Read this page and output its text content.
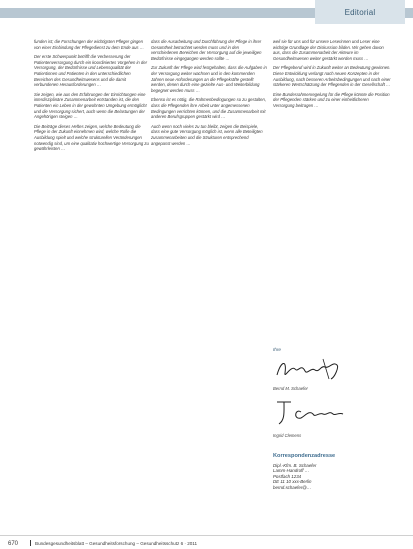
Editorial

funden ist; die Forschungen der wichtigsten Pfleger gingen von einer Einbindung der Pflegedienst zu dem Ende aus …

Der erste Schwerpunkt betrifft die Verbesserung der Patientenversorgung durch ein koordiniertes Vorgehen in der Versorgung, der Bedürfnisse und Lebensqualität der Patientinnen und Patienten in den unterschiedlichen Bereichen des Gesundheitswesens und die damit verbundenen Herausforderungen …

Sie zeigen, wie aus den Erfahrungen der Einrichtungen eine interdisziplinäre Zusammenarbeit entstanden ist, die den Patienten ein Leben in der gewohnten Umgebung ermöglicht und die Versorgung sichert, auch wenn die Belastungen der Angehörigen steigen …

Die Beiträge dieses Heftes zeigen, welche Bedeutung die Pflege in der Zukunft einnehmen wird, welche Rolle die Ausbildung spielt und welche strukturellen Veränderungen notwendig sind, um eine qualitativ hochwertige Versorgung zu gewährleisten …

dass die Ausarbeitung und Durchführung der Pflege in ihrer Gesamtheit betrachtet werden muss und in den verschiedenen Bereichen der Versorgung auf die jeweiligen Bedürfnisse eingegangen werden sollte …

Zur Zukunft der Pflege wird festgehalten, dass die Aufgaben in der Versorgung weiter wachsen und in den kommenden Jahren neue Anforderungen an die Pflegekräfte gestellt werden, denen durch eine gezielte Aus- und Weiterbildung begegnet werden muss …

Ebenso ist es nötig, die Rahmenbedingungen so zu gestalten, dass die Pflegenden ihre Arbeit unter angemessenen Bedingungen verrichten können, und die Zusammenarbeit mit anderen Berufsgruppen gestärkt wird …

Auch wenn noch vieles zu tun bleibt, zeigen die Beispiele, dass eine gute Versorgung möglich ist, wenn alle Beteiligten zusammenarbeiten und die Strukturen entsprechend angepasst werden …

weil sie für uns und für unsere Leserinnen und Leser eine wichtige Grundlage der Diskussion bilden. Wir gehen davon aus, dass die Zusammenarbeit der Akteure im Gesundheitswesen weiter gestärkt werden muss …

Der Pflegeberuf wird in Zukunft weiter an Bedeutung gewinnen. Diese Entwicklung verlangt nach neuen Konzepten in der Ausbildung, nach besseren Arbeitsbedingungen und nach einer stärkeren Wertschätzung der Pflegenden in der Gesellschaft …

Eine Bundesrahmenregelung für die Pflege könnte die Position der Pflegenden stärken und zu einer einheitlicheren Versorgung beitragen …

Ihre
Bernd M. Schaefer
Ingrid Clemens
Korrespondenzadresse
Dipl.-Kfm. B. Schaefer
Lamm-Handroff …
Postfach 1234
DE 11 10 xxx-Berlin
bernd.schaefer@…
670	Bundesgesundheitsblatt – Gesundheitsforschung – Gesundheitsschutz 6 · 2011
